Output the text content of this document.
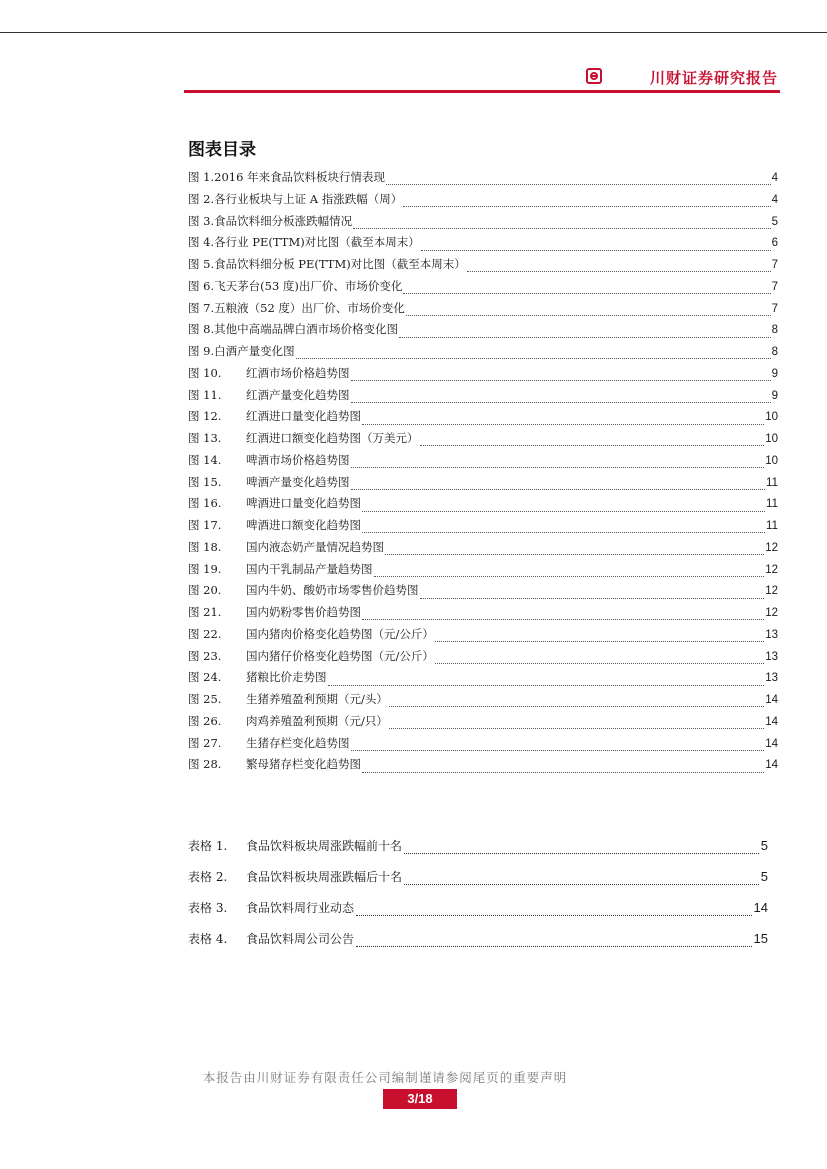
川财证券研究报告
图表目录
图 1. 2016 年来食品饮料板块行情表现	4
图 2. 各行业板块与上证 A 指涨跌幅（周）	4
图 3. 食品饮料细分板涨跌幅情况	5
图 4. 各行业 PE(TTM)对比图（截至本周末）	6
图 5. 食品饮料细分板 PE(TTM)对比图（截至本周末）	7
图 6. 飞天茅台(53 度)出厂价、市场价变化	7
图 7. 五粮液（52 度）出厂价、市场价变化	7
图 8. 其他中高端品牌白酒市场价格变化图	8
图 9. 白酒产量变化图	8
图 10.	红酒市场价格趋势图	9
图 11.	红酒产量变化趋势图	9
图 12.	红酒进口量变化趋势图	10
图 13.	红酒进口额变化趋势图（万美元）	10
图 14.	啤酒市场价格趋势图	10
图 15.	啤酒产量变化趋势图	11
图 16.	啤酒进口量变化趋势图	11
图 17.	啤酒进口额变化趋势图	11
图 18.	国内液态奶产量情况趋势图	12
图 19.	国内干乳制品产量趋势图	12
图 20.	国内牛奶、酸奶市场零售价趋势图	12
图 21.	国内奶粉零售价趋势图	12
图 22.	国内猪肉价格变化趋势图（元/公斤）	13
图 23.	国内猪仔价格变化趋势图（元/公斤）	13
图 24.	猪粮比价走势图	13
图 25.	生猪养殖盈利预期（元/头）	14
图 26.	肉鸡养殖盈利预期（元/只）	14
图 27.	生猪存栏变化趋势图	14
图 28.	繁母猪存栏变化趋势图	14
表格 1.	食品饮料板块周涨跌幅前十名	5
表格 2.	食品饮料板块周涨跌幅后十名	5
表格 3.	食品饮料周行业动态	14
表格 4.	食品饮料周公司公告	15
本报告由川财证券有限责任公司编制谨请参阅尾页的重要声明
3/18
